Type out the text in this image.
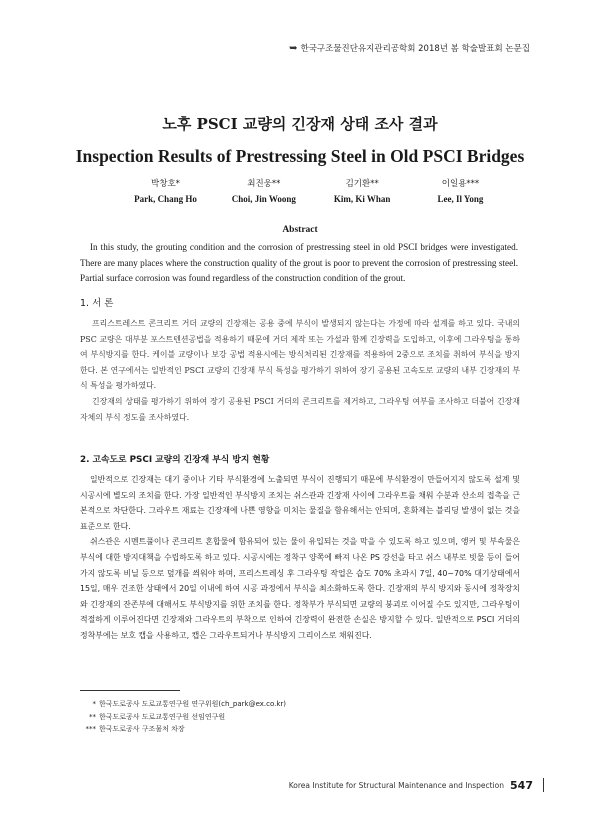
➥ 한국구조물진단유지관리공학회 2018년 봄 학술발표회 논문집
노후 PSCI 교량의 긴장재 상태 조사 결과
Inspection Results of Prestressing Steel in Old PSCI Bridges
박창호*
Park, Chang Ho
최진웅**
Choi, Jin Woong
김기환**
Kim, Ki Whan
이일용***
Lee, Il Yong
Abstract
In this study, the grouting condition and the corrosion of prestressing steel in old PSCI bridges were investigated. There are many places where the construction quality of the grout is poor to prevent the corrosion of prestressing steel. Partial surface corrosion was found regardless of the construction condition of the grout.
1. 서 론

프리스트레스트 콘크리트 거더 교량의 긴장재는 공용 중에 부식이 발생되지 않는다는 가정에 따라 설계를 하고 있다. 국내의 PSC 교량은 대부분 포스트텐션공법을 적용하기 때문에 거더 제작 또는 가설과 함께 긴장력을 도입하고, 이후에 그라우팅을 통하여 부식방지를 한다. 케이블 교량이나 보강 공법 적용시에는 방식처리된 긴장재를 적용하여 2중으로 조치를 취하여 부식을 방지한다. 본 연구에서는 일반적인 PSCI 교량의 긴장재 부식 특성을 평가하기 위하여 장기 공용된 고속도로 교량의 내부 긴장재의 부식 특성을 평가하였다.

긴장재의 상태를 평가하기 위하여 장기 공용된 PSCI 거더의 콘크리트를 제거하고, 그라우팅 여부를 조사하고 더불어 긴장재 자체의 부식 정도를 조사하였다.

2. 고속도로 PSCI 교량의 긴장재 부식 방지 현황

일반적으로 긴장재는 대기 중이나 기타 부식환경에 노출되면 부식이 진행되기 때문에 부식환경이 만들어지지 않도록 설계 및 시공시에 별도의 조치를 한다. 가장 일반적인 부식방지 조치는 쉬스관과 긴장재 사이에 그라우트를 채워 수분과 산소의 접촉을 근본적으로 차단한다. 그라우트 재료는 긴장재에 나쁜 영향을 미치는 물질을 함유해서는 안되며, 혼화제는 블리딩 발생이 없는 것을 표준으로 한다.

쉬스관은 시멘트풀이나 콘크리트 혼합물에 함유되어 있는 물이 유입되는 것을 막을 수 있도록 하고 있으며, 앵커 및 부속물은 부식에 대한 방지대책을 수립하도록 하고 있다. 시공시에는 정착구 양쪽에 빠져 나온 PS 강선을 타고 쉬스 내부로 빗물 등이 들어가지 않도록 비닐 등으로 덮개를 씌워야 하며, 프리스트레싱 후 그라우팅 작업은 습도 70% 초과시 7일, 40~70% 대기상태에서 15일, 매우 건조한 상태에서 20일 이내에 하여 시공 과정에서 부식을 최소화하도록 한다. 긴장재의 부식 방지와 동시에 정착장치와 긴장재의 잔존부에 대해서도 부식방지를 위한 조치를 한다. 정착부가 부식되면 교량의 붕괴로 이어질 수도 있지만, 그라우팅이 적절하게 이루어진다면 긴장재와 그라우트의 부착으로 인하여 긴장력이 완전한 손실은 방지할 수 있다. 일반적으로 PSCI 거더의 정착부에는 보호 캡을 사용하고, 캡은 그라우트되거나 부식방지 그리이스로 채워진다.

* 한국도로공사 도로교통연구원 연구위원(ch_park@ex.co.kr)
** 한국도로공사 도로교통연구원 선임연구원
*** 한국도로공사 구조물처 차장
Korea Institute for Structural Maintenance and Inspection 547
